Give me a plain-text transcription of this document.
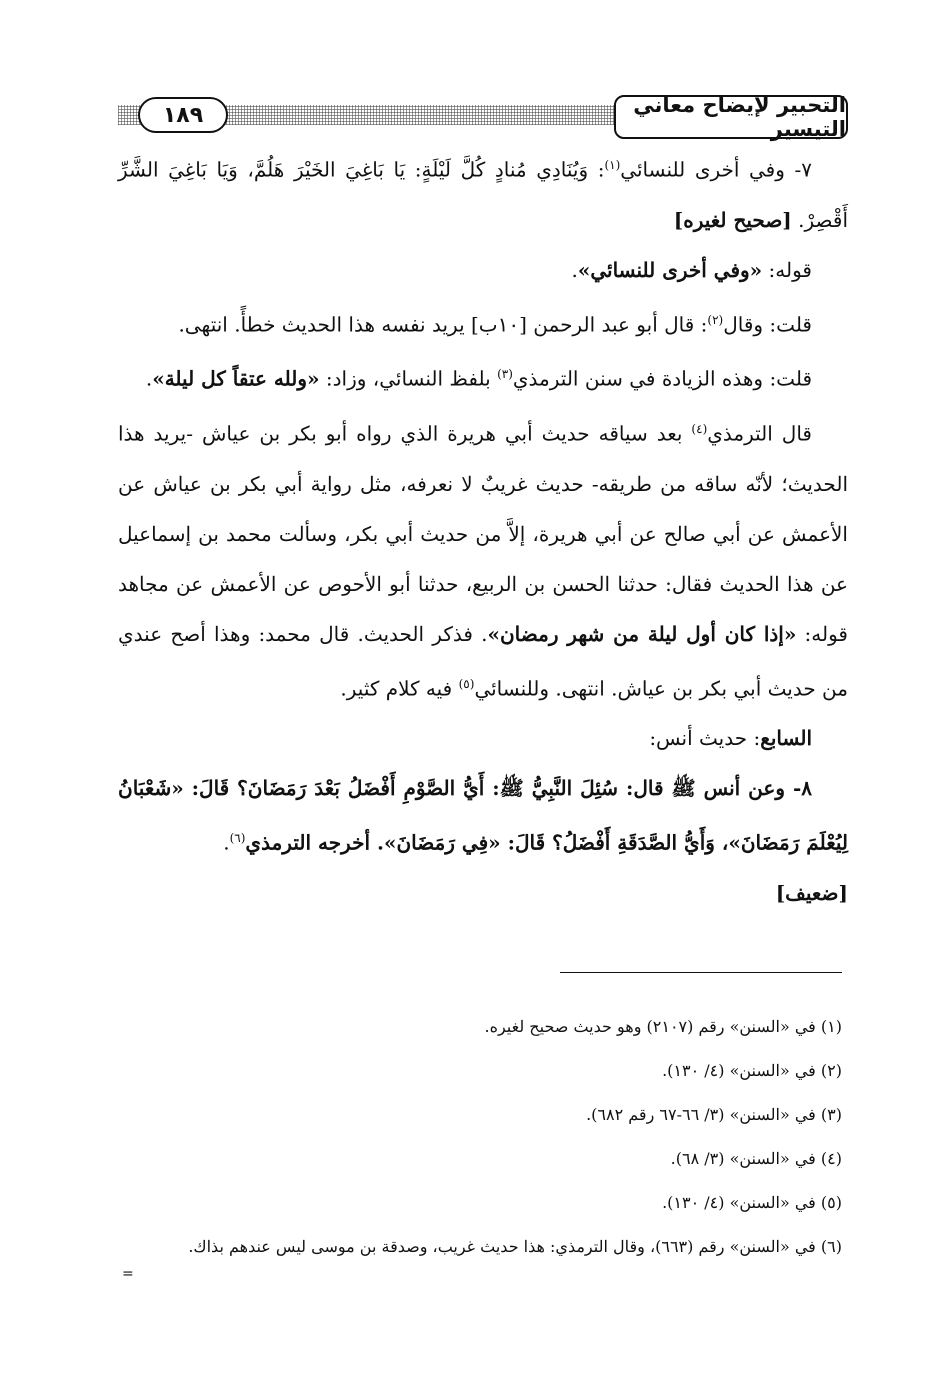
١٨٩	التحبير لإيضاح معاني التيسير

٧- وفي أخرى للنسائي$^{(١)}$: وَيُنَادِي مُنادٍ كُلَّ لَيْلَةٍ: يَا بَاغِيَ الخَيْرَ هَلُمَّ، وَيَا بَاغِيَ الشَّرِّ أَقْصِرْ. [صحيح لغيره]

قوله: «وفي أخرى للنسائي».

قلت: وقال$^{(٢)}$: قال أبو عبد الرحمن [١٠ب] يريد نفسه هذا الحديث خطأً. انتهى.

قلت: وهذه الزيادة في سنن الترمذي$^{(٣)}$ بلفظ النسائي، وزاد: «ولله عتقاً كل ليلة».

قال الترمذي$^{(٤)}$ بعد سياقه حديث أبي هريرة الذي رواه أبو بكر بن عياش -يريد هذا الحديث؛ لأنّه ساقه من طريقه- حديث غريبٌ لا نعرفه، مثل رواية أبي بكر بن عياش عن الأعمش عن أبي صالح عن أبي هريرة، إلاَّ من حديث أبي بكر، وسألت محمد بن إسماعيل عن هذا الحديث فقال: حدثنا الحسن بن الربيع، حدثنا أبو الأحوص عن الأعمش عن مجاهد قوله: «إذا كان أول ليلة من شهر رمضان». فذكر الحديث. قال محمد: وهذا أصح عندي من حديث أبي بكر بن عياش. انتهى. وللنسائي$^{(٥)}$ فيه كلام كثير.

السابع: حديث أنس:

٨- وعن أنس ﷺ قال: سُئِلَ النَّبِيُّ ﷺ: أَيُّ الصَّوْمِ أَفْضَلُ بَعْدَ رَمَضَانَ؟ قَالَ: «شَعْبَانُ لِيُعْلَمَ رَمَضَانَ»، وَأَيُّ الصَّدَقَةِ أَفْضَلُ؟ قَالَ: «فِي رَمَضَانَ». أخرجه الترمذي$^{(٦)}$.

[ضعيف]

(١) في «السنن» رقم (٢١٠٧) وهو حديث صحيح لغيره.

(٢) في «السنن» (٤/ ١٣٠).

(٣) في «السنن» (٣/ ٦٦-٦٧ رقم ٦٨٢).

(٤) في «السنن» (٣/ ٦٨).

(٥) في «السنن» (٤/ ١٣٠).

(٦) في «السنن» رقم (٦٦٣)، وقال الترمذي: هذا حديث غريب، وصدقة بن موسى ليس عندهم بذاك.

=
